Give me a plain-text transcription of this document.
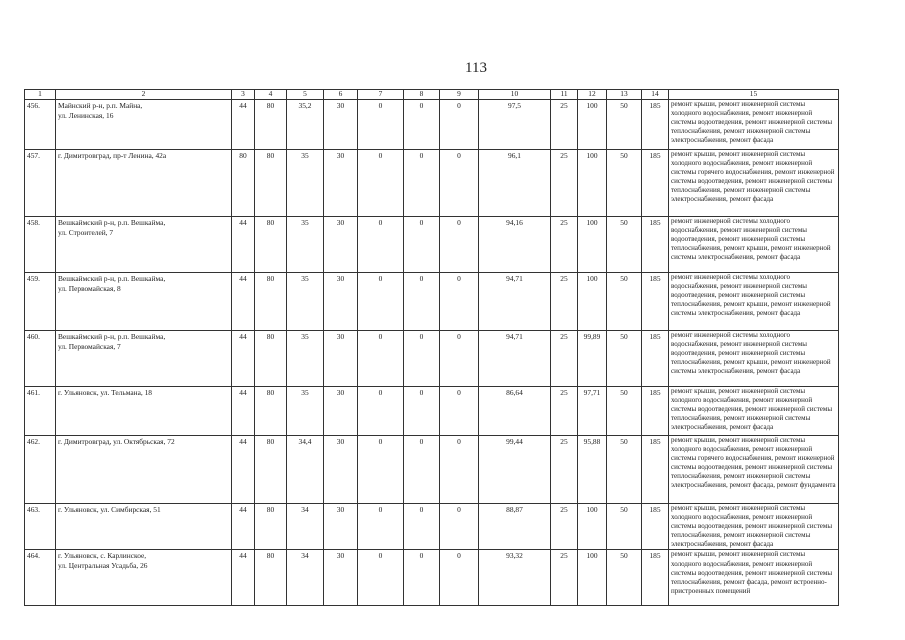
113
1	2	3	4	5	6	7	8	9	10	11	12	13	14	15
456.	Майнский р-н, р.п. Майна,
ул. Ленинская, 16	44	80	35,2	30	0	0	0	97,5	25	100	50	185	ремонт крыши, ремонт инженерной системы холодного водоснабжения, ремонт инженерной системы водоотведения, ремонт инженерной системы теплоснабжения, ремонт инженерной системы электроснабжения, ремонт фасада
457.	г. Димитровград, пр-т Ленина, 42а	80	80	35	30	0	0	0	96,1	25	100	50	185	ремонт крыши, ремонт инженерной системы холодного водоснабжения, ремонт инженерной системы горячего водоснабжения, ремонт инженерной системы водоотведения, ремонт инженерной системы теплоснабжения, ремонт инженерной системы электроснабжения, ремонт фасада
458.	Вешкаймский р-н, р.п. Вешкайма,
ул. Строителей, 7	44	80	35	30	0	0	0	94,16	25	100	50	185	ремонт инженерной системы холодного водоснабжения, ремонт инженерной системы водоотведения, ремонт инженерной системы теплоснабжения, ремонт крыши, ремонт инженерной системы электроснабжения, ремонт фасада
459.	Вешкаймский р-н, р.п. Вешкайма,
ул. Первомайская, 8	44	80	35	30	0	0	0	94,71	25	100	50	185	ремонт инженерной системы холодного водоснабжения, ремонт инженерной системы водоотведения, ремонт инженерной системы теплоснабжения, ремонт крыши, ремонт инженерной системы электроснабжения, ремонт фасада
460.	Вешкаймский р-н, р.п. Вешкайма,
ул. Первомайская, 7	44	80	35	30	0	0	0	94,71	25	99,89	50	185	ремонт инженерной системы холодного водоснабжения, ремонт инженерной системы водоотведения, ремонт инженерной системы теплоснабжения, ремонт крыши, ремонт инженерной системы электроснабжения, ремонт фасада
461.	г. Ульяновск, ул. Тельмана, 18	44	80	35	30	0	0	0	86,64	25	97,71	50	185	ремонт крыши, ремонт инженерной системы холодного водоснабжения, ремонт инженерной системы водоотведения, ремонт инженерной системы теплоснабжения, ремонт инженерной системы электроснабжения, ремонт фасада
462.	г. Димитровград, ул. Октябрьская, 72	44	80	34,4	30	0	0	0	99,44	25	95,88	50	185	ремонт крыши, ремонт инженерной системы холодного водоснабжения, ремонт инженерной системы горячего водоснабжения, ремонт инженерной системы водоотведения, ремонт инженерной системы теплоснабжения, ремонт инженерной системы электроснабжения, ремонт фасада, ремонт фундамента
463.	г. Ульяновск, ул. Симбирская, 51	44	80	34	30	0	0	0	88,87	25	100	50	185	ремонт крыши, ремонт инженерной системы холодного водоснабжения, ремонт инженерной системы водоотведения, ремонт инженерной системы теплоснабжения, ремонт инженерной системы электроснабжения, ремонт фасада
464.	г. Ульяновск, с. Карлинское,
ул. Центральная Усадьба, 26	44	80	34	30	0	0	0	93,32	25	100	50	185	ремонт крыши, ремонт инженерной системы холодного водоснабжения, ремонт инженерной системы водоотведения, ремонт инженерной системы теплоснабжения, ремонт фасада, ремонт встроенно-пристроенных помещений
